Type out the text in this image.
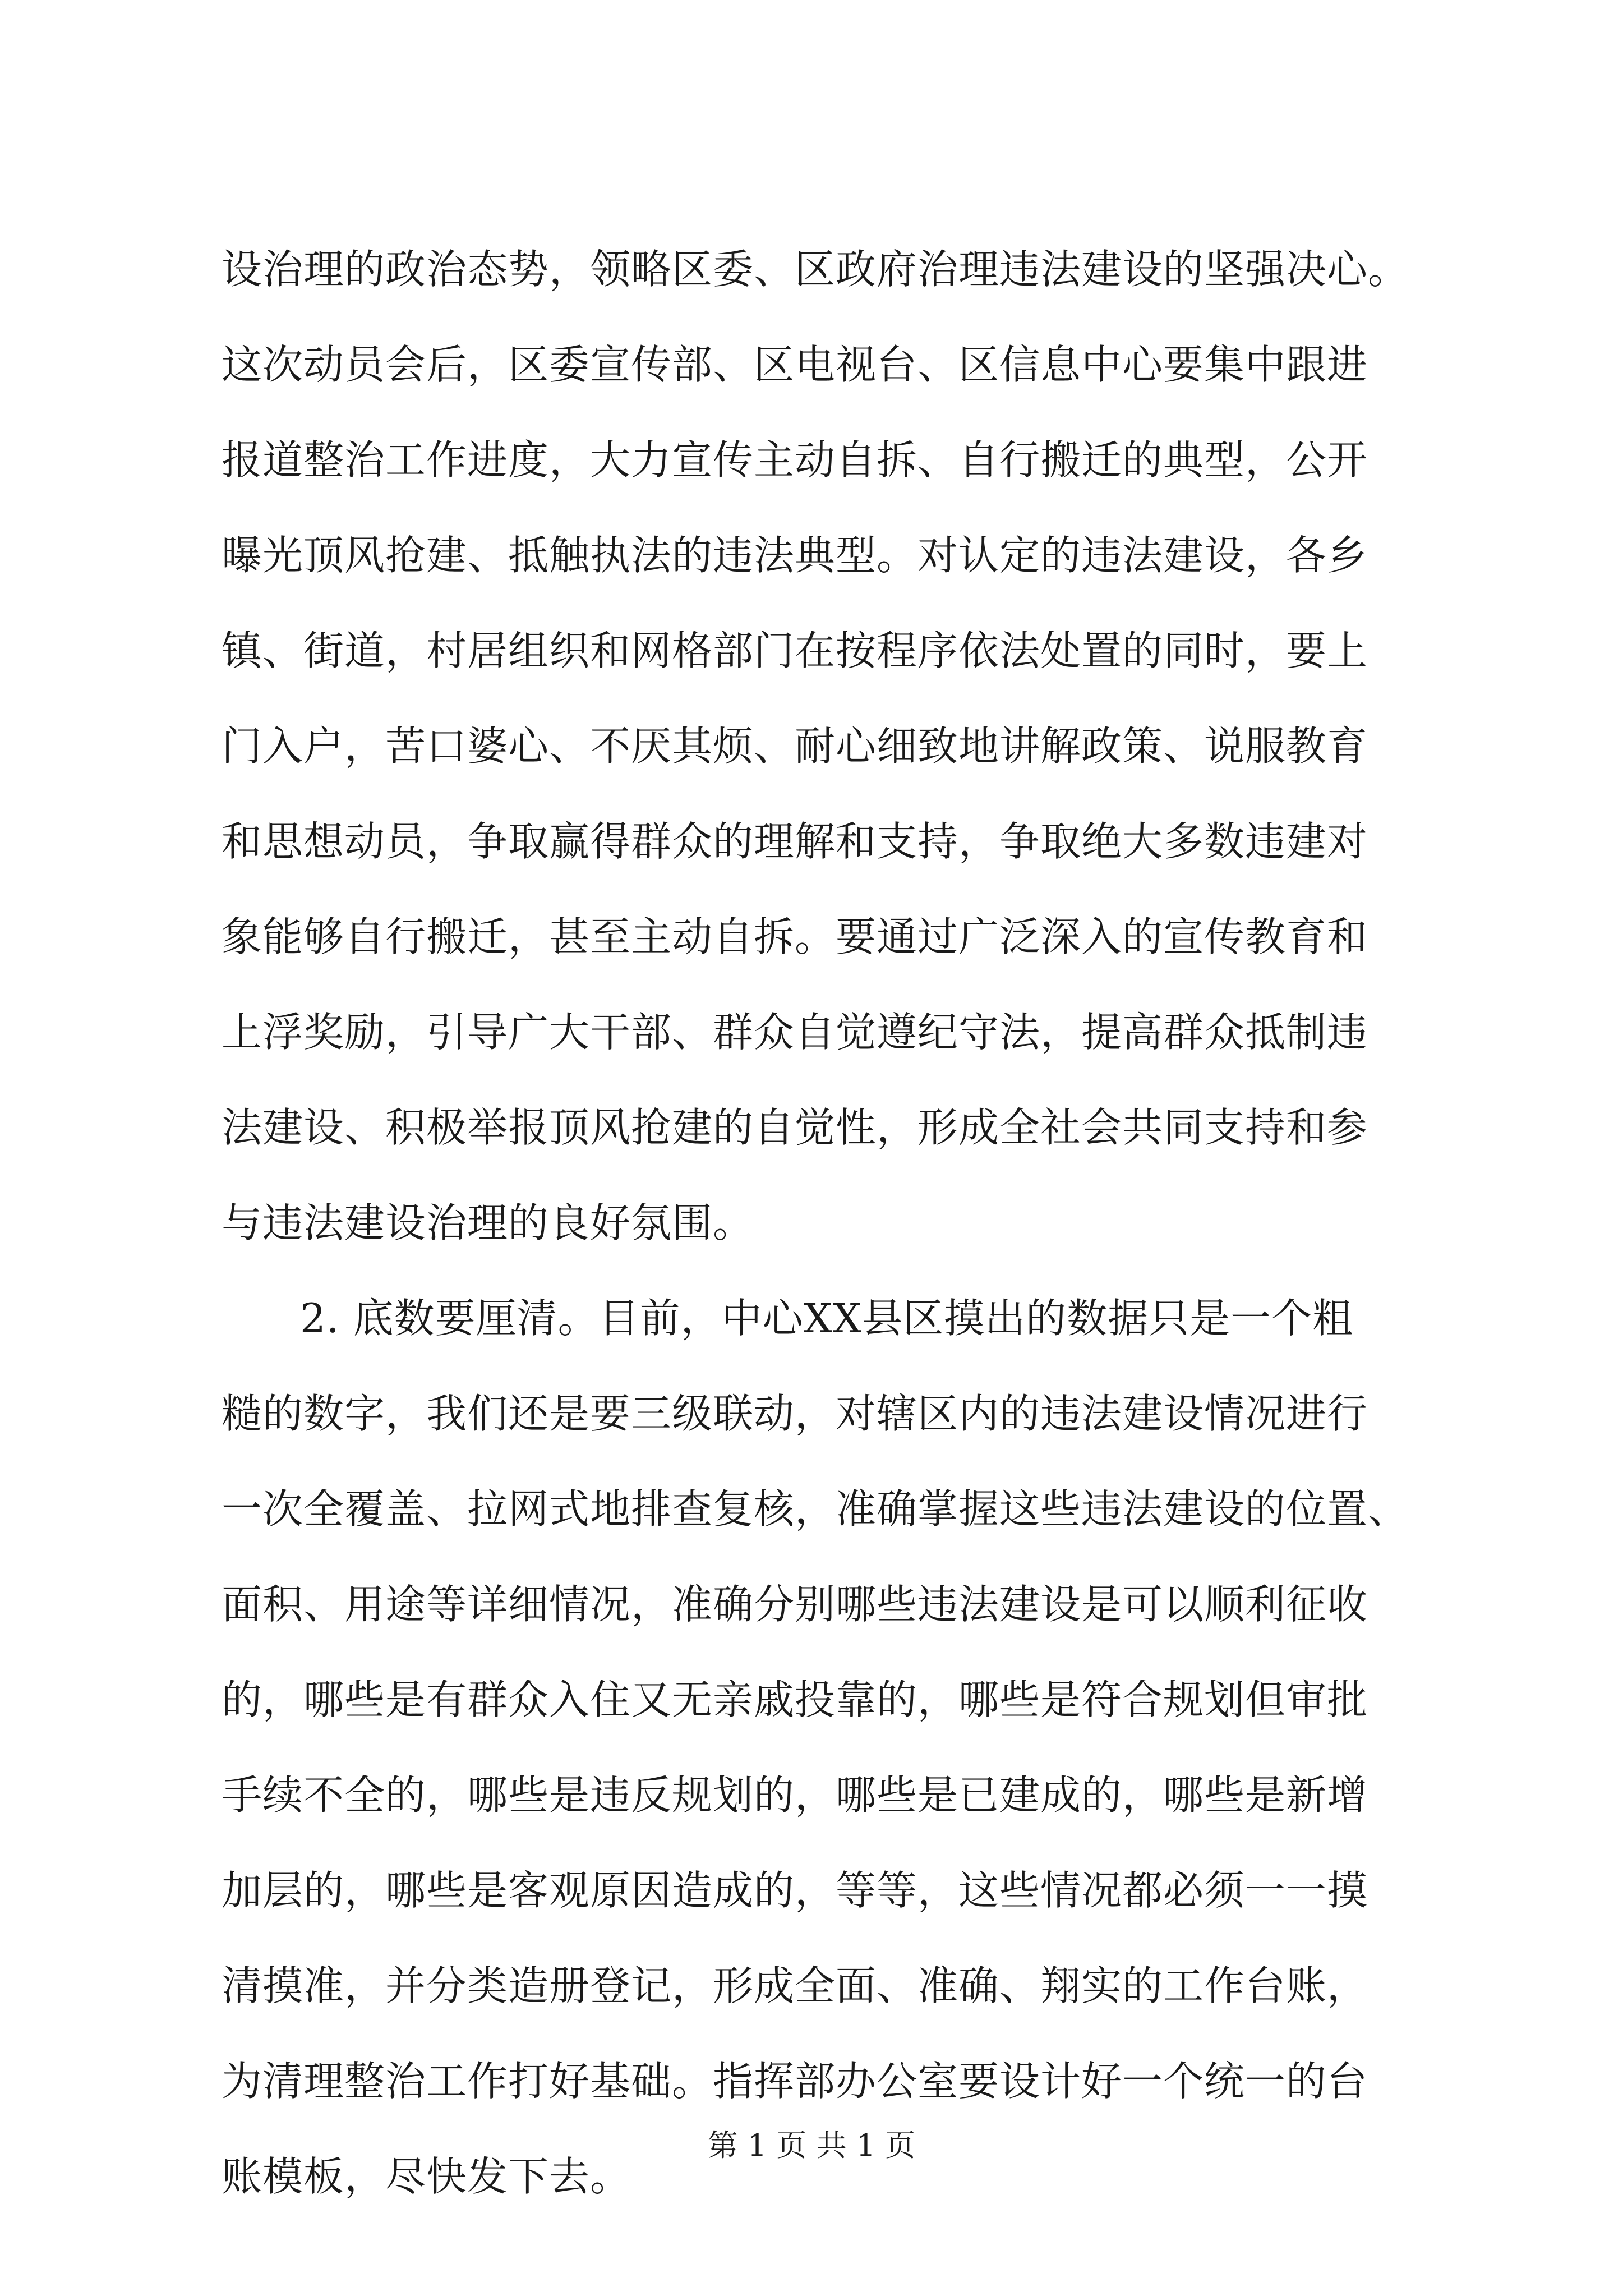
设治理的政治态势，领略区委、区政府治理违法建设的坚强决心。
这次动员会后，区委宣传部、区电视台、区信息中心要集中跟进
报道整治工作进度，大力宣传主动自拆、自行搬迁的典型，公开
曝光顶风抢建、抵触执法的违法典型。对认定的违法建设，各乡
镇、街道，村居组织和网格部门在按程序依法处置的同时，要上
门入户，苦口婆心、不厌其烦、耐心细致地讲解政策、说服教育
和思想动员，争取赢得群众的理解和支持，争取绝大多数违建对
象能够自行搬迁，甚至主动自拆。要通过广泛深入的宣传教育和
上浮奖励，引导广大干部、群众自觉遵纪守法，提高群众抵制违
法建设、积极举报顶风抢建的自觉性，形成全社会共同支持和参
与违法建设治理的良好氛围。
2. 底数要厘清。目前，中心XX县区摸出的数据只是一个粗
糙的数字，我们还是要三级联动，对辖区内的违法建设情况进行
一次全覆盖、拉网式地排查复核，准确掌握这些违法建设的位置、
面积、用途等详细情况，准确分别哪些违法建设是可以顺利征收
的，哪些是有群众入住又无亲戚投靠的，哪些是符合规划但审批
手续不全的，哪些是违反规划的，哪些是已建成的，哪些是新增
加层的，哪些是客观原因造成的，等等，这些情况都必须一一摸
清摸准，并分类造册登记，形成全面、准确、翔实的工作台账，
为清理整治工作打好基础。指挥部办公室要设计好一个统一的台
账模板，尽快发下去。
第 1 页 共 1 页
